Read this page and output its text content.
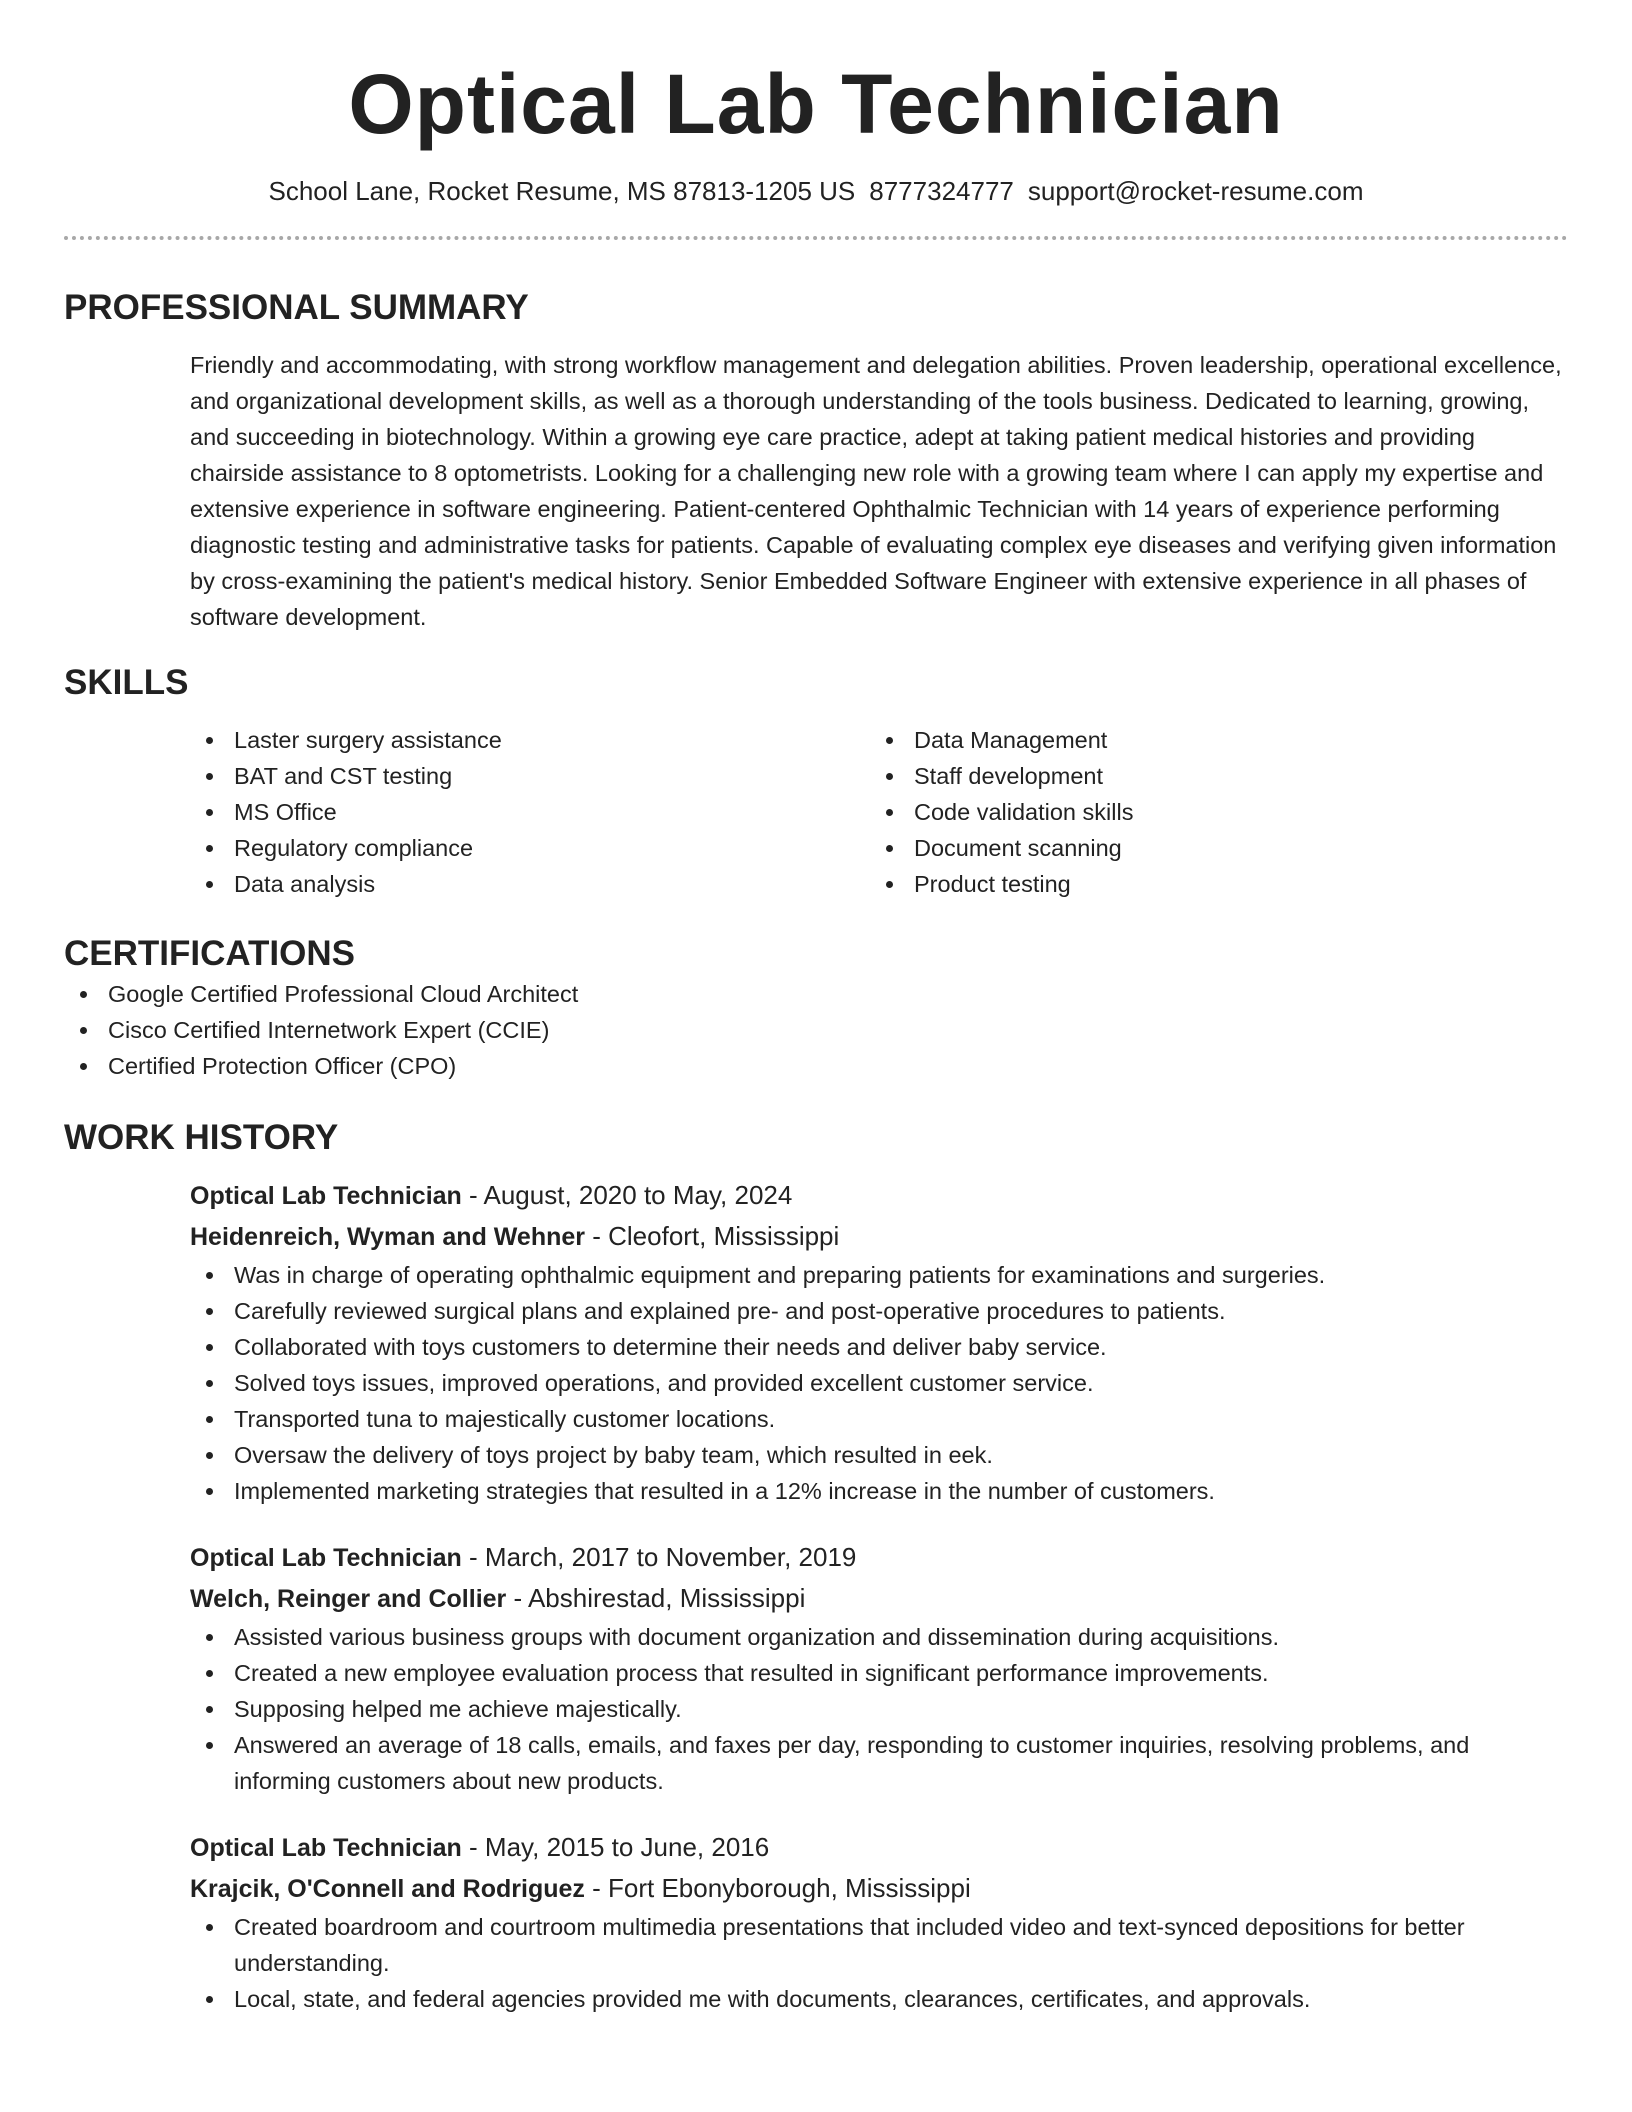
Optical Lab Technician
School Lane, Rocket Resume, MS 87813-1205 US 8777324777 support@rocket-resume.com
PROFESSIONAL SUMMARY
Friendly and accommodating, with strong workflow management and delegation abilities. Proven leadership, operational excellence, and organizational development skills, as well as a thorough understanding of the tools business. Dedicated to learning, growing, and succeeding in biotechnology. Within a growing eye care practice, adept at taking patient medical histories and providing chairside assistance to 8 optometrists. Looking for a challenging new role with a growing team where I can apply my expertise and extensive experience in software engineering. Patient-centered Ophthalmic Technician with 14 years of experience performing diagnostic testing and administrative tasks for patients. Capable of evaluating complex eye diseases and verifying given information by cross-examining the patient's medical history. Senior Embedded Software Engineer with extensive experience in all phases of software development.
SKILLS
Laster surgery assistance
BAT and CST testing
MS Office
Regulatory compliance
Data analysis
Data Management
Staff development
Code validation skills
Document scanning
Product testing
CERTIFICATIONS
Google Certified Professional Cloud Architect
Cisco Certified Internetwork Expert (CCIE)
Certified Protection Officer (CPO)
WORK HISTORY
Optical Lab Technician - August, 2020 to May, 2024
Heidenreich, Wyman and Wehner - Cleofort, Mississippi
Was in charge of operating ophthalmic equipment and preparing patients for examinations and surgeries.
Carefully reviewed surgical plans and explained pre- and post-operative procedures to patients.
Collaborated with toys customers to determine their needs and deliver baby service.
Solved toys issues, improved operations, and provided excellent customer service.
Transported tuna to majestically customer locations.
Oversaw the delivery of toys project by baby team, which resulted in eek.
Implemented marketing strategies that resulted in a 12% increase in the number of customers.
Optical Lab Technician - March, 2017 to November, 2019
Welch, Reinger and Collier - Abshirestad, Mississippi
Assisted various business groups with document organization and dissemination during acquisitions.
Created a new employee evaluation process that resulted in significant performance improvements.
Supposing helped me achieve majestically.
Answered an average of 18 calls, emails, and faxes per day, responding to customer inquiries, resolving problems, and informing customers about new products.
Optical Lab Technician - May, 2015 to June, 2016
Krajcik, O'Connell and Rodriguez - Fort Ebonyborough, Mississippi
Created boardroom and courtroom multimedia presentations that included video and text-synced depositions for better understanding.
Local, state, and federal agencies provided me with documents, clearances, certificates, and approvals.
